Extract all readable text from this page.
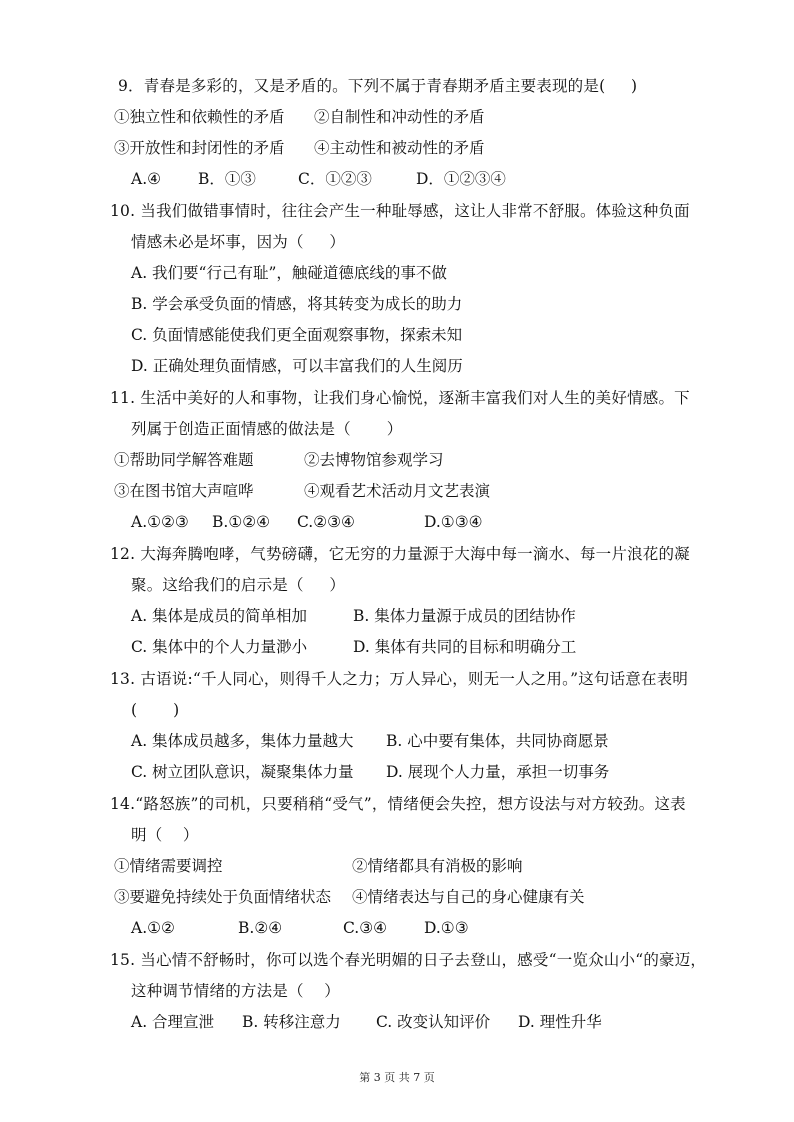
9．青春是多彩的，又是矛盾的。下列不属于青春期矛盾主要表现的是(     )
①独立性和依赖性的矛盾 ②自制性和冲动性的矛盾
③开放性和封闭性的矛盾 ④主动性和被动性的矛盾
A.④ B．①③	C．①②③	D．①②③④
10. 当我们做错事情时，往往会产生一种耻辱感，这让人非常不舒服。体验这种负面
情感未必是坏事，因为（     ）
A. 我们要“行己有耻”，触碰道德底线的事不做
B. 学会承受负面的情感，将其转变为成长的助力
C. 负面情感能使我们更全面观察事物，探索未知
D. 正确处理负面情感，可以丰富我们的人生阅历
11. 生活中美好的人和事物，让我们身心愉悦，逐渐丰富我们对人生的美好情感。下
列属于创造正面情感的做法是（       ）
①帮助同学解答难题	②去博物馆参观学习
③在图书馆大声喧哗	④观看艺术活动月文艺表演
A.①②③ B.①②④ C.②③④	D.①③④
12. 大海奔腾咆哮，气势磅礴，它无穷的力量源于大海中每一滴水、每一片浪花的凝
聚。这给我们的启示是（     ）
A. 集体是成员的简单相加	B. 集体力量源于成员的团结协作
C. 集体中的个人力量渺小	D. 集体有共同的目标和明确分工
13. 古语说:“千人同心，则得千人之力；万人异心，则无一人之用。”这句话意在表明
(       )
A. 集体成员越多，集体力量越大 B. 心中要有集体，共同协商愿景
C. 树立团队意识，凝聚集体力量 D. 展现个人力量，承担一切事务
14.“路怒族”的司机，只要稍稍“受气”，情绪便会失控，想方设法与对方较劲。这表
明（    ）
①情绪需要调控	②情绪都具有消极的影响
③要避免持续处于负面情绪状态 ④情绪表达与自己的身心健康有关
A.①②	B.②④	C.③④ D.①③
15. 当心情不舒畅时，你可以选个春光明媚的日子去登山，感受“一览众山小“的豪迈，
这种调节情绪的方法是（    ）
A. 合理宣泄 B. 转移注意力 C. 改变认知评价 D. 理性升华
第 3 页 共 7 页
